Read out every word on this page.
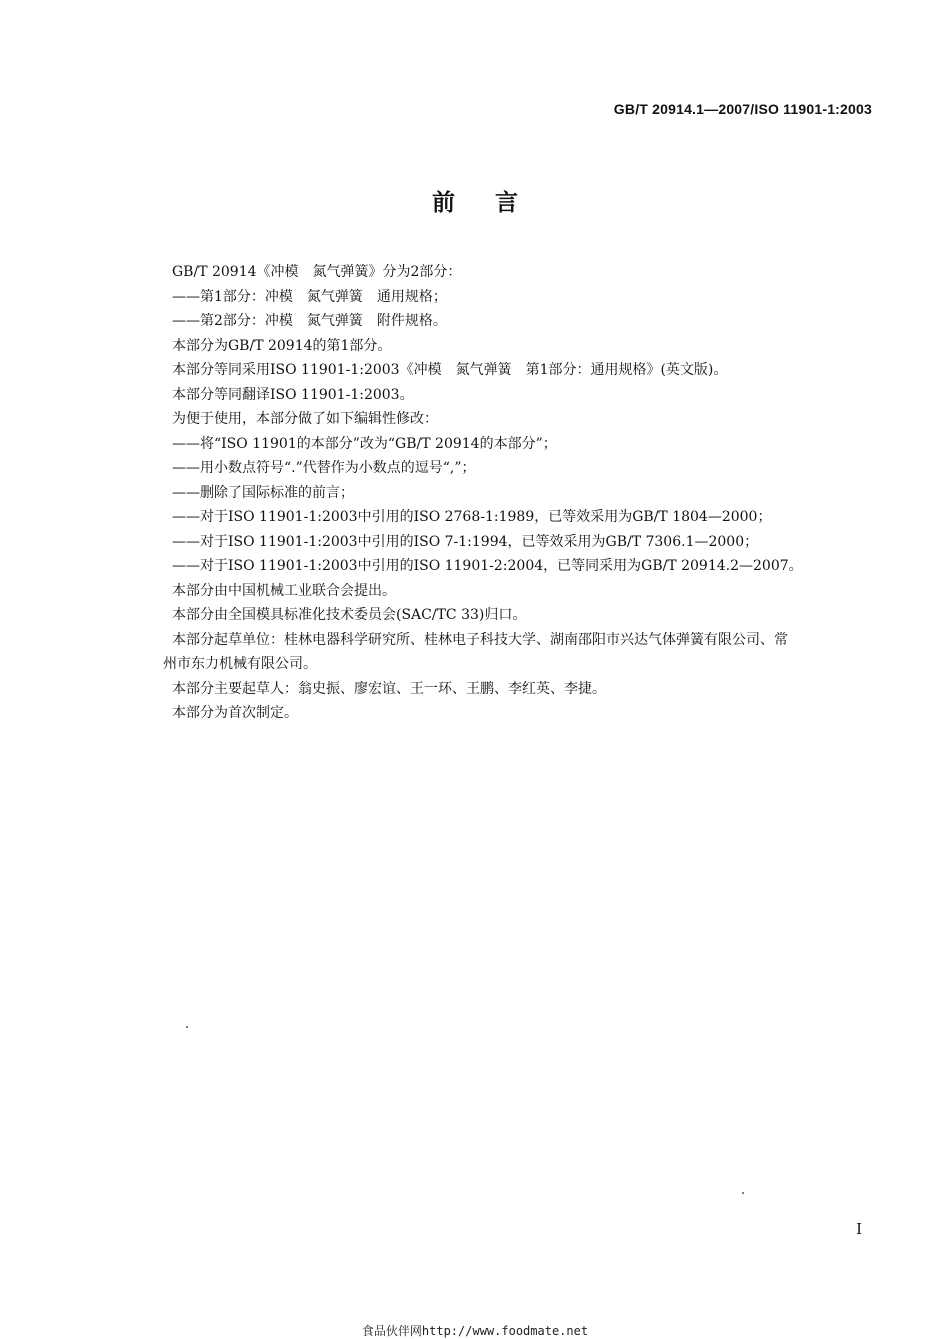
GB/T 20914.1—2007/ISO 11901-1:2003
前言

GB/T 20914《冲模　氮气弹簧》分为2部分：

——第1部分：冲模　氮气弹簧　通用规格；

——第2部分：冲模　氮气弹簧　附件规格。

本部分为GB/T 20914的第1部分。

本部分等同采用ISO 11901-1:2003《冲模　氮气弹簧　第1部分：通用规格》(英文版)。

本部分等同翻译ISO 11901-1:2003。

为便于使用，本部分做了如下编辑性修改：

——将“ISO 11901的本部分”改为“GB/T 20914的本部分”；

——用小数点符号“.”代替作为小数点的逗号“,”；

——删除了国际标准的前言；

——对于ISO 11901-1:2003中引用的ISO 2768-1:1989，已等效采用为GB/T 1804—2000；

——对于ISO 11901-1:2003中引用的ISO 7-1:1994，已等效采用为GB/T 7306.1—2000；

——对于ISO 11901-1:2003中引用的ISO 11901-2:2004，已等同采用为GB/T 20914.2—2007。

本部分由中国机械工业联合会提出。

本部分由全国模具标准化技术委员会(SAC/TC 33)归口。

本部分起草单位：桂林电器科学研究所、桂林电子科技大学、湖南邵阳市兴达气体弹簧有限公司、常
州市东力机械有限公司。

本部分主要起草人：翁史振、廖宏谊、王一环、王鹏、李红英、李捷。

本部分为首次制定。

I
食品伙伴网http://www.foodmate.net
